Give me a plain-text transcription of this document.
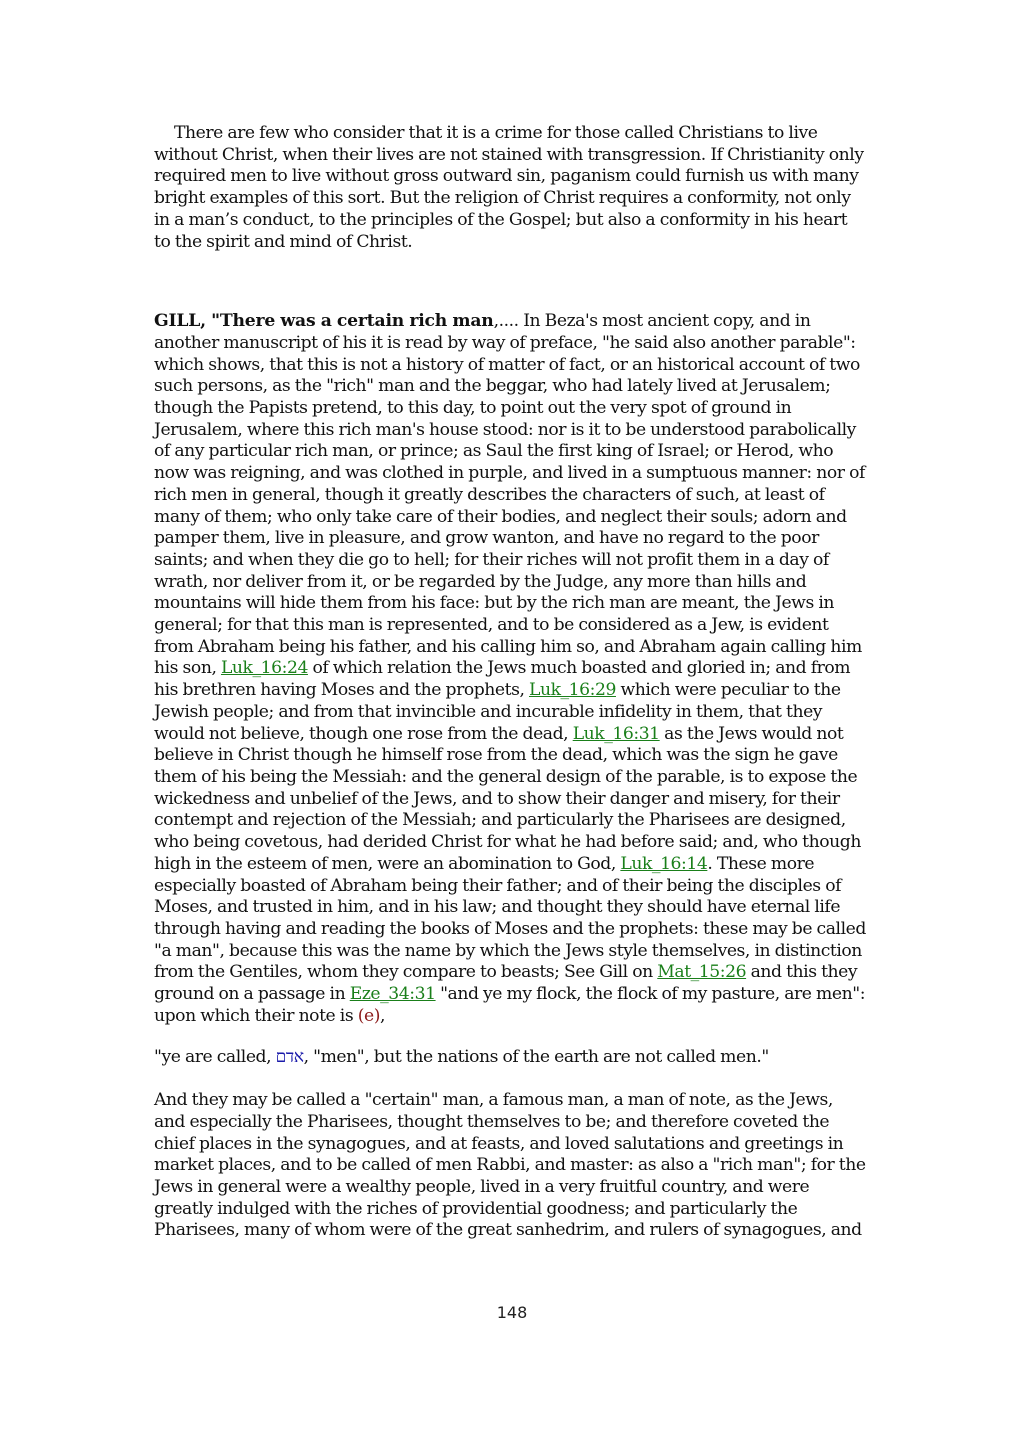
There are few who consider that it is a crime for those called Christians to live without Christ, when their lives are not stained with transgression. If Christianity only required men to live without gross outward sin, paganism could furnish us with many bright examples of this sort. But the religion of Christ requires a conformity, not only in a man’s conduct, to the principles of the Gospel; but also a conformity in his heart to the spirit and mind of Christ.

GILL, "There was a certain rich man,.... In Beza's most ancient copy, and in another manuscript of his it is read by way of preface, "he said also another parable": which shows, that this is not a history of matter of fact, or an historical account of two such persons, as the "rich" man and the beggar, who had lately lived at Jerusalem; though the Papists pretend, to this day, to point out the very spot of ground in Jerusalem, where this rich man's house stood: nor is it to be understood parabolically of any particular rich man, or prince; as Saul the first king of Israel; or Herod, who now was reigning, and was clothed in purple, and lived in a sumptuous manner: nor of rich men in general, though it greatly describes the characters of such, at least of many of them; who only take care of their bodies, and neglect their souls; adorn and pamper them, live in pleasure, and grow wanton, and have no regard to the poor saints; and when they die go to hell; for their riches will not profit them in a day of wrath, nor deliver from it, or be regarded by the Judge, any more than hills and mountains will hide them from his face: but by the rich man are meant, the Jews in general; for that this man is represented, and to be considered as a Jew, is evident from Abraham being his father, and his calling him so, and Abraham again calling him his son, Luk_16:24 of which relation the Jews much boasted and gloried in; and from his brethren having Moses and the prophets, Luk_16:29 which were peculiar to the Jewish people; and from that invincible and incurable infidelity in them, that they would not believe, though one rose from the dead, Luk_16:31 as the Jews would not believe in Christ though he himself rose from the dead, which was the sign he gave them of his being the Messiah: and the general design of the parable, is to expose the wickedness and unbelief of the Jews, and to show their danger and misery, for their contempt and rejection of the Messiah; and particularly the Pharisees are designed, who being covetous, had derided Christ for what he had before said; and, who though high in the esteem of men, were an abomination to God, Luk_16:14. These more especially boasted of Abraham being their father; and of their being the disciples of Moses, and trusted in him, and in his law; and thought they should have eternal life through having and reading the books of Moses and the prophets: these may be called "a man", because this was the name by which the Jews style themselves, in distinction from the Gentiles, whom they compare to beasts; See Gill on Mat_15:26 and this they ground on a passage in Eze_34:31 "and ye my flock, the flock of my pasture, are men": upon which their note is (e),

"ye are called, אדם, "men", but the nations of the earth are not called men."

And they may be called a "certain" man, a famous man, a man of note, as the Jews, and especially the Pharisees, thought themselves to be; and therefore coveted the chief places in the synagogues, and at feasts, and loved salutations and greetings in market places, and to be called of men Rabbi, and master: as also a "rich man"; for the Jews in general were a wealthy people, lived in a very fruitful country, and were greatly indulged with the riches of providential goodness; and particularly the Pharisees, many of whom were of the great sanhedrim, and rulers of synagogues, and

148
